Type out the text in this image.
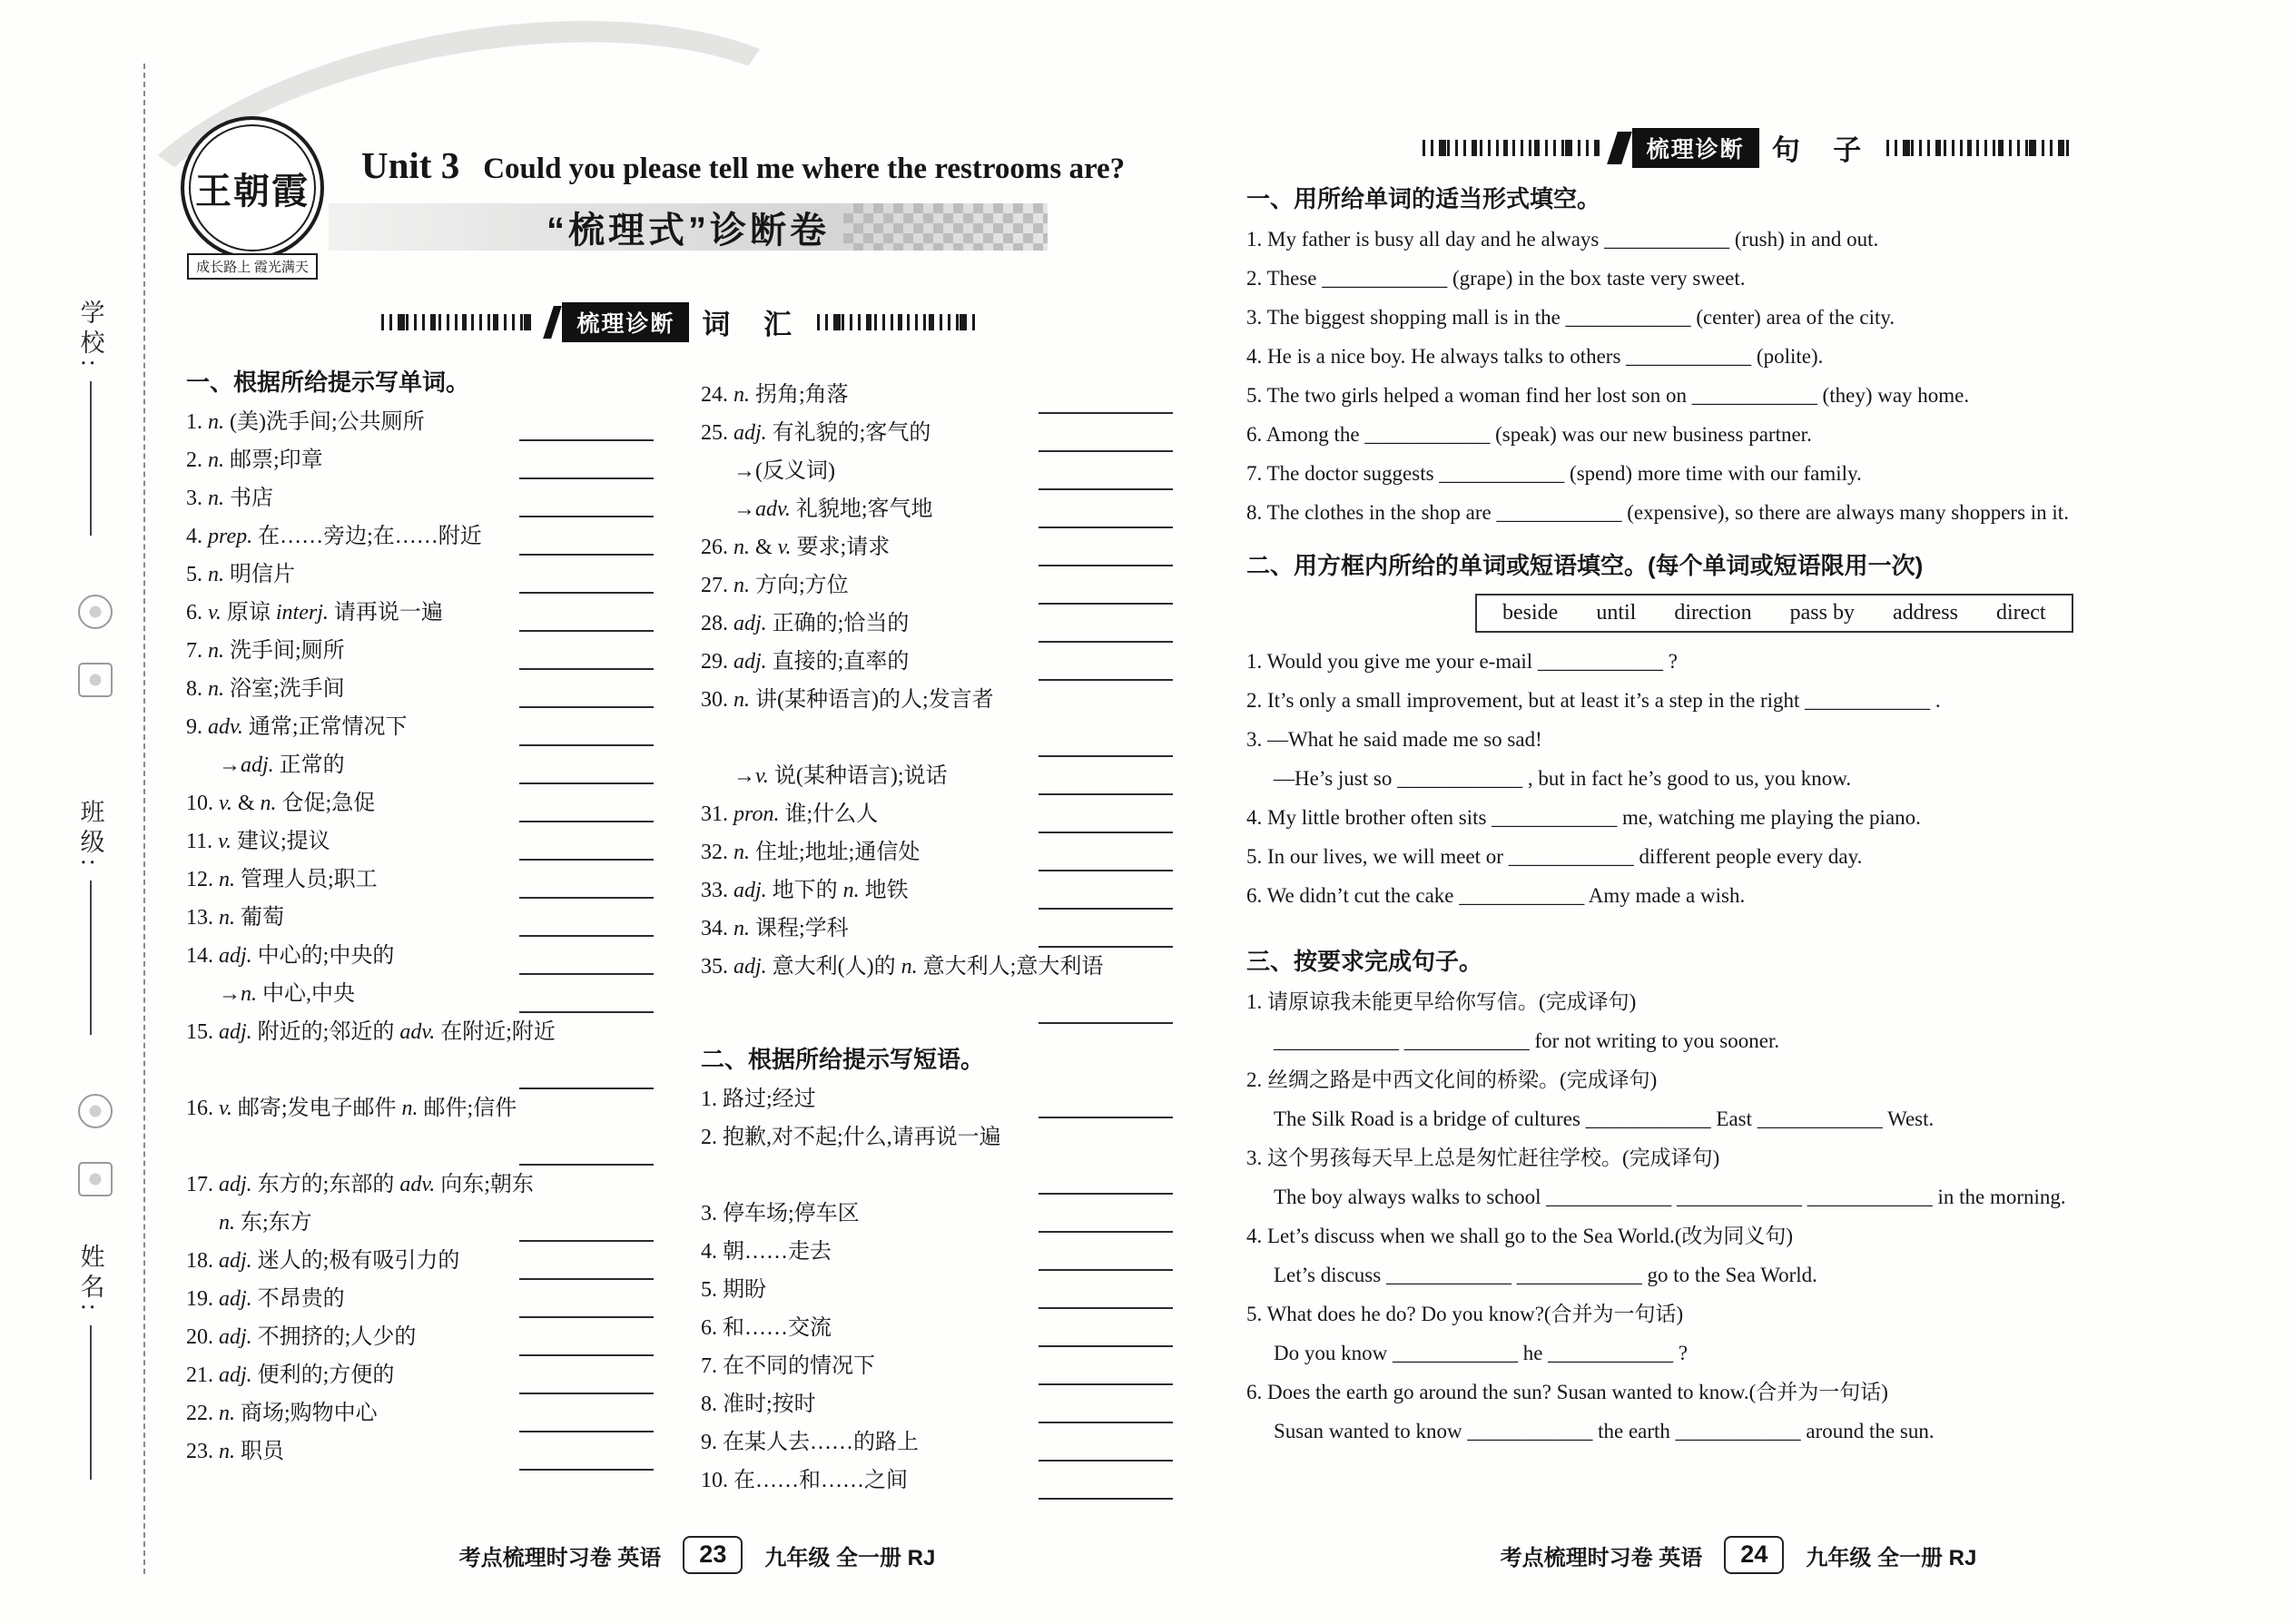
学校:
班级:
姓名:
王朝霞
成长路上 霞光满天
Unit 3 Could you please tell me where the restrooms are?
“梳理式”诊断卷
梳理诊断 词 汇
一、根据所给提示写单词。
1. n. (美)洗手间;公共厕所
2. n. 邮票;印章
3. n. 书店
4. prep. 在……旁边;在……附近
5. n. 明信片
6. v. 原谅 interj. 请再说一遍
7. n. 洗手间;厕所
8. n. 浴室;洗手间
9. adv. 通常;正常情况下
→adj. 正常的
10. v. & n. 仓促;急促
11. v. 建议;提议
12. n. 管理人员;职工
13. n. 葡萄
14. adj. 中心的;中央的
→n. 中心,中央
15. adj. 附近的;邻近的 adv. 在附近;附近
16. v. 邮寄;发电子邮件 n. 邮件;信件
17. adj. 东方的;东部的 adv. 向东;朝东
n. 东;东方
18. adj. 迷人的;极有吸引力的
19. adj. 不昂贵的
20. adj. 不拥挤的;人少的
21. adj. 便利的;方便的
22. n. 商场;购物中心
23. n. 职员
24. n. 拐角;角落
25. adj. 有礼貌的;客气的
→(反义词)
→adv. 礼貌地;客气地
26. n. & v. 要求;请求
27. n. 方向;方位
28. adj. 正确的;恰当的
29. adj. 直接的;直率的
30. n. 讲(某种语言)的人;发言者
→v. 说(某种语言);说话
31. pron. 谁;什么人
32. n. 住址;地址;通信处
33. adj. 地下的 n. 地铁
34. n. 课程;学科
35. adj. 意大利(人)的 n. 意大利人;意大利语
二、根据所给提示写短语。
1. 路过;经过
2. 抱歉,对不起;什么,请再说一遍
3. 停车场;停车区
4. 朝……走去
5. 期盼
6. 和……交流
7. 在不同的情况下
8. 准时;按时
9. 在某人去……的路上
10. 在……和……之间
考点梳理时习卷 英语	23	九年级 全一册 RJ
梳理诊断 句 子
一、用所给单词的适当形式填空。
1. My father is busy all day and he always ____________ (rush) in and out.
2. These ____________ (grape) in the box taste very sweet.
3. The biggest shopping mall is in the ____________ (center) area of the city.
4. He is a nice boy. He always talks to others ____________ (polite).
5. The two girls helped a woman find her lost son on ____________ (they) way home.
6. Among the ____________ (speak) was our new business partner.
7. The doctor suggests ____________ (spend) more time with our family.
8. The clothes in the shop are ____________ (expensive), so there are always many shoppers in it.
二、用方框内所给的单词或短语填空。(每个单词或短语限用一次)
beside until direction pass by address direct
1. Would you give me your e-mail ____________ ?
2. It’s only a small improvement, but at least it’s a step in the right ____________ .
3. —What he said made me so sad!
—He’s just so ____________ , but in fact he’s good to us, you know.
4. My little brother often sits ____________ me, watching me playing the piano.
5. In our lives, we will meet or ____________ different people every day.
6. We didn’t cut the cake ____________ Amy made a wish.
三、按要求完成句子。
1. 请原谅我未能更早给你写信。(完成译句)
____________ ____________ for not writing to you sooner.
2. 丝绸之路是中西文化间的桥梁。(完成译句)
The Silk Road is a bridge of cultures ____________ East ____________ West.
3. 这个男孩每天早上总是匆忙赶往学校。(完成译句)
The boy always walks to school ____________ ____________ ____________ in the morning.
4. Let’s discuss when we shall go to the Sea World.(改为同义句)
Let’s discuss ____________ ____________ go to the Sea World.
5. What does he do? Do you know?(合并为一句话)
Do you know ____________ he ____________ ?
6. Does the earth go around the sun? Susan wanted to know.(合并为一句话)
Susan wanted to know ____________ the earth ____________ around the sun.
考点梳理时习卷 英语	24	九年级 全一册 RJ
